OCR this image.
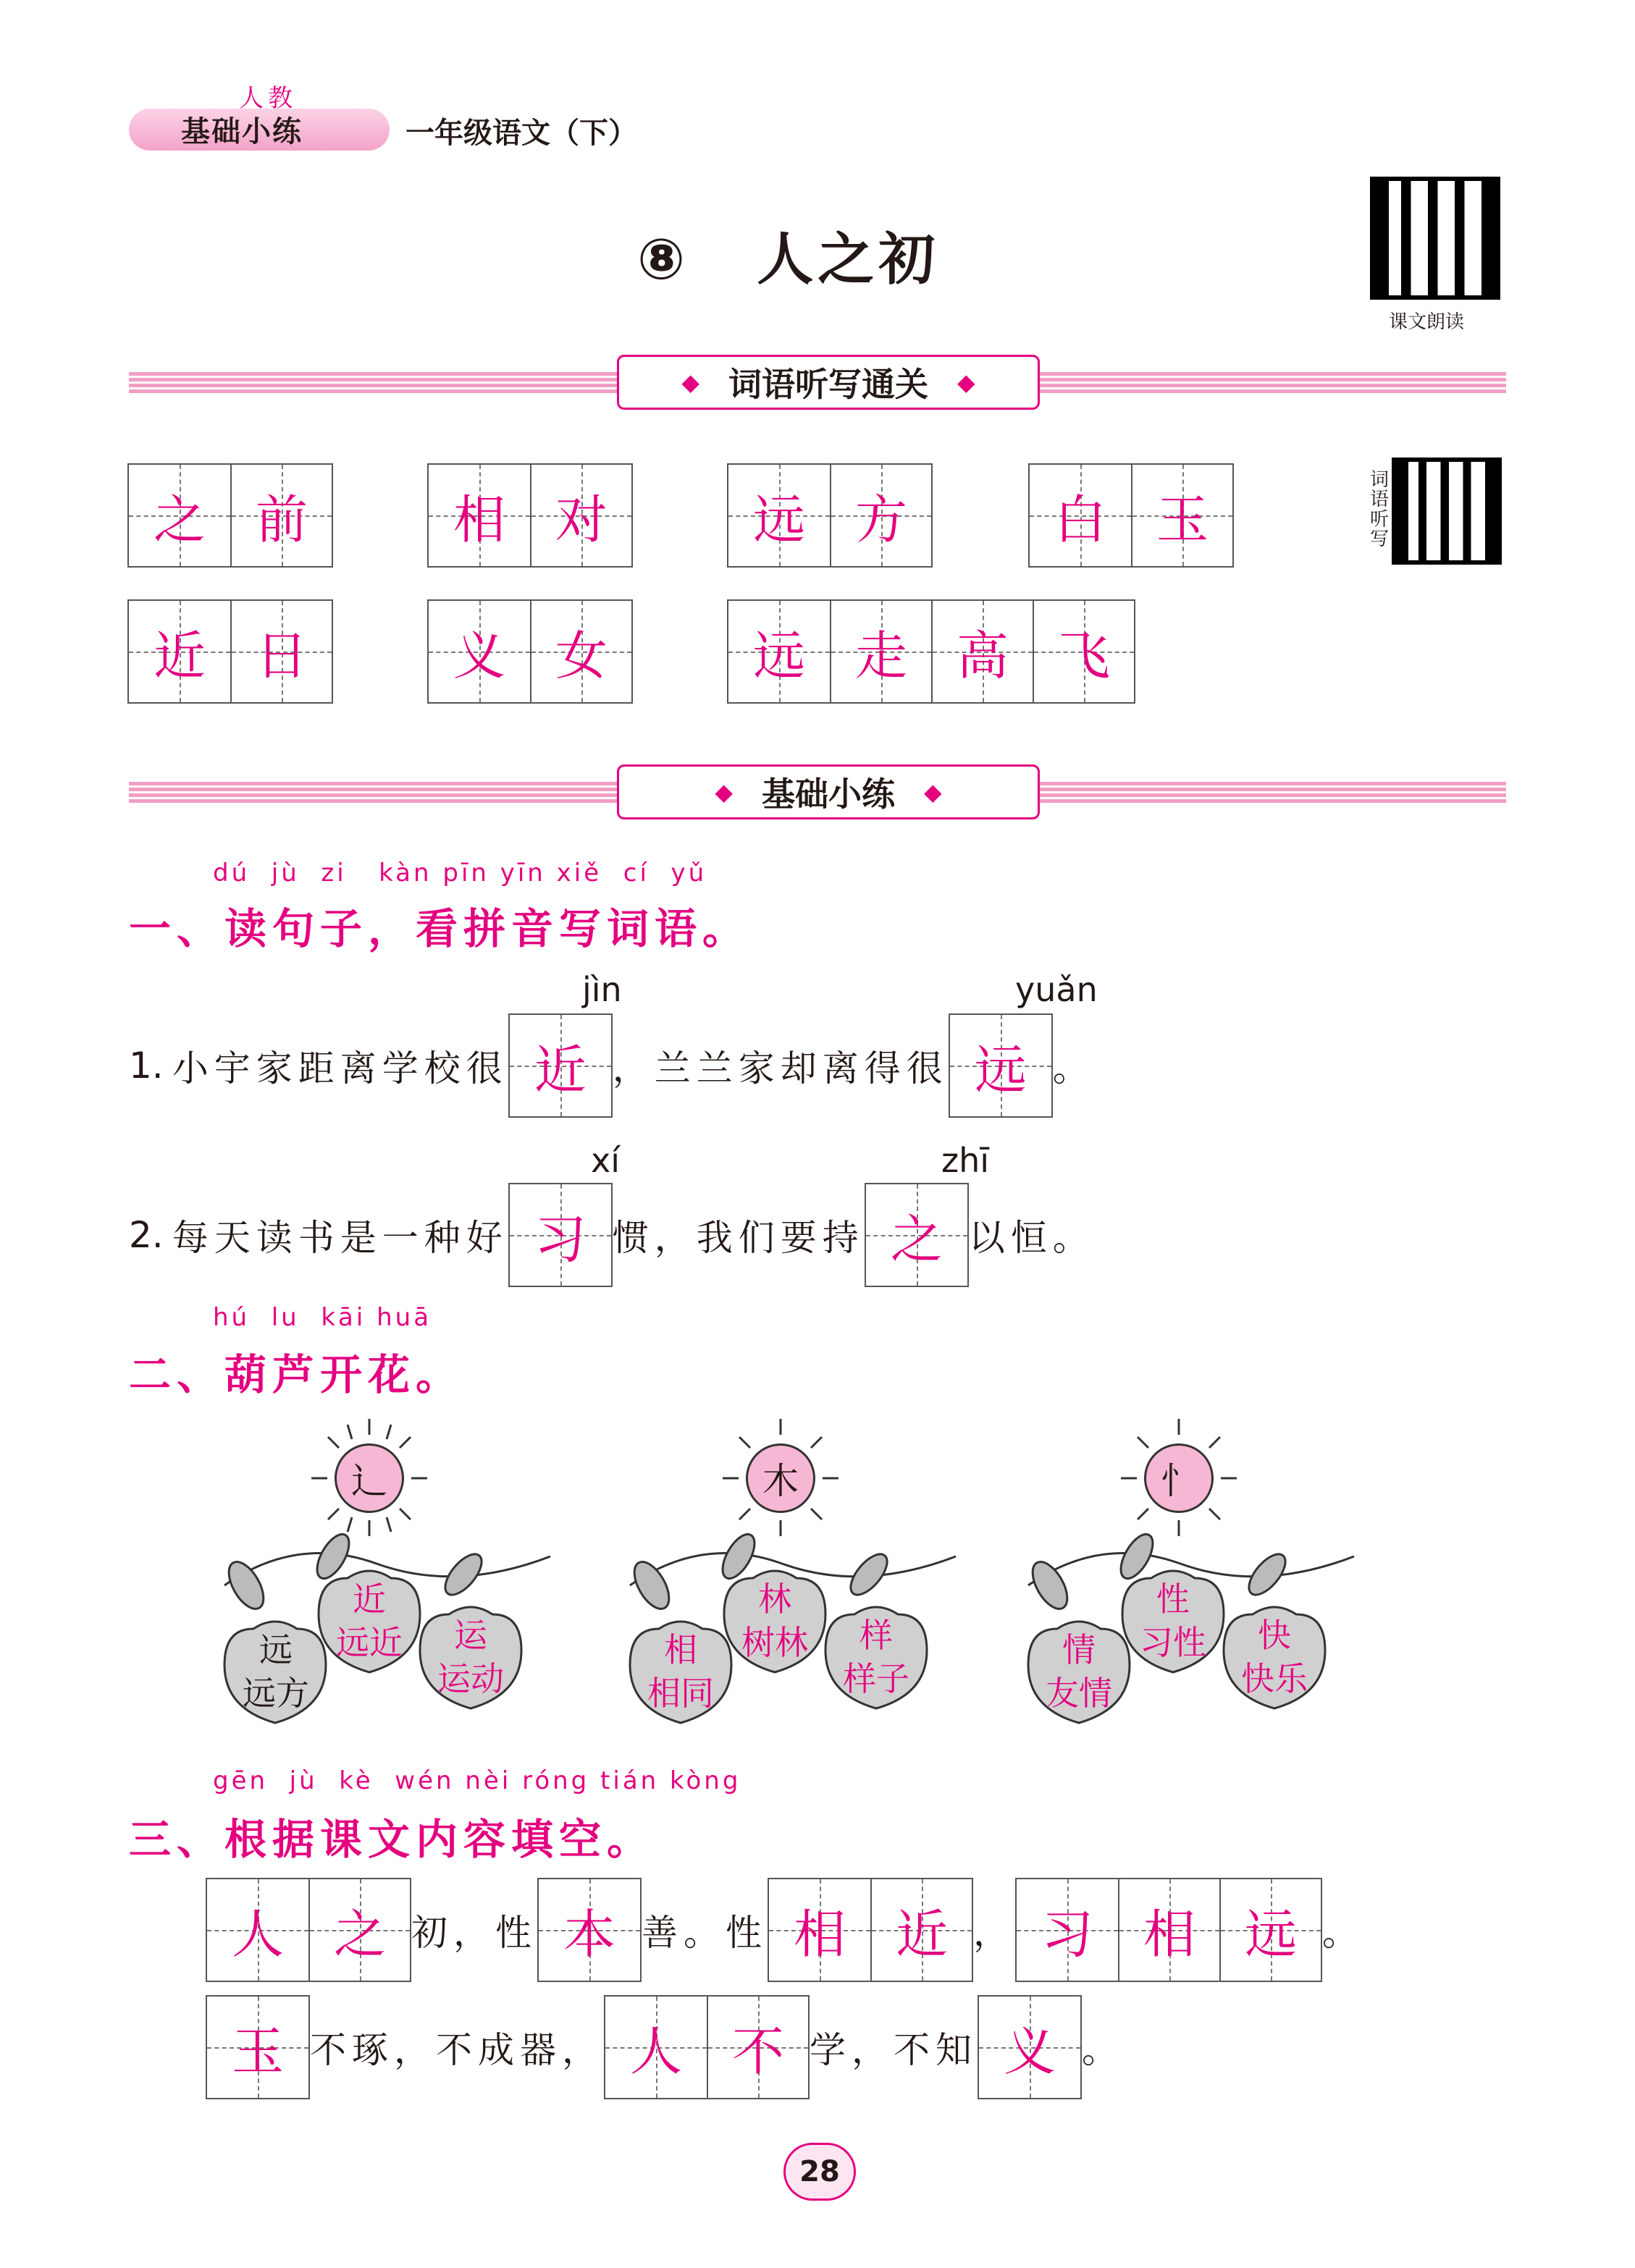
人教
基础小练	一年级语文（下）
⑧ 人之初
课文朗读
◆ 词语听写通关 ◆
词语听写
之 前	相 对	远 方	白 玉
近 日	义 女	远 走 高 飞
◆ 基础小练 ◆
dú  jù  zi   kàn pīn yīn xiě  cí  yǔ
一、读句子，看拼音写词语。
jìn	yuǎn
1. 小宇家距离学校很 近 ，兰兰家却离得很 远 。
xí	zhī
2. 每天读书是一种好 习 惯，我们要持 之 以恒。
hú  lu  kāi huā
二、葫芦开花。
辶
远
远方
近
远近	运
运动
木
相
相同
林
树林	样
样子
忄
情
友情
性
习性	快
快乐
gēn  jù  kè  wén nèi róng tián kòng
三、根据课文内容填空。
人 之 初，性 本 善。性 相 近 ， 习 相 远 。
玉 不琢，不成器， 人 不 学，不知 义 。
28
